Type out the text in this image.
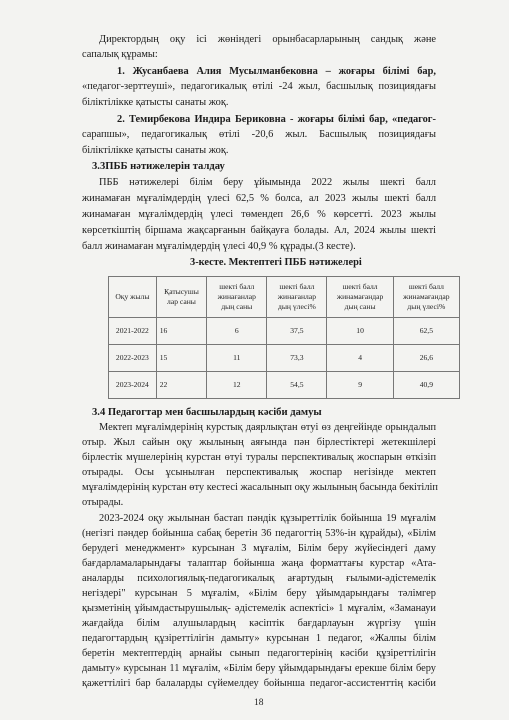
Директордың оқу ісі жөніндегі орынбасарларының сандық және
сапалық құрамы:
1. Жусанбаева Алия Мусылманбековна – жоғары білімі бар,
«педагог-зерттеуші», педагогикалық өтілі -24 жыл, басшылық позициядағы
біліктілікке қатысты санаты жоқ.
2. Темирбекова Индира Бериковна - жоғары білімі бар, «педагог-
сарапшы», педагогикалық өтілі -20,6 жыл. Басшылық позициядағы
біліктілікке қатысты санаты жоқ.
3.3ПББ нәтижелерін талдау
ПББ нәтижелері білім беру ұйымында 2022 жылы шекті балл
жинамаған мұғалімдердің үлесі 62,5 % болса, ал 2023 жылы шекті балл
жинамаған мұғалімдердің үлесі төмендеп 26,6 % көрсетті. 2023 жылы
көрсеткіштің біршама жақсарғанын байқауға болады. Ал, 2024 жылы шекті
балл жинамаған мұғалімдердің үлесі 40,9 % құрады.(3 кесте).
3-кесте. Мектептегі ПББ нәтижелері
Оқу жылы	Қатысушы лар саны	шекті балл жинағанлар дың саны	шекті балл жинағанлар дың үлесі%	шекті балл жинамағандар дың саны	шекті балл жинамағандар дың үлесі%
2021-2022	16	6	37,5	10	62,5
2022-2023	15	11	73,3	4	26,6
2023-2024	22	12	54,5	9	40,9
3.4 Педагогтар мен басшылардың кәсіби дамуы
Мектеп мұғалімдерінің курстық даярлықтан өтуі өз деңгейінде орындалып
отыр. Жыл сайын оқу жылының аяғында пән бірлестіктері жетекшілері
бірлестік мүшелерінің курстан өтуі туралы перспективалық жоспарын өткізіп
отырады. Осы ұсынылған перспективалық жоспар негізінде мектеп
мұғалімдерінің курстан өту кестесі жасалынып оқу жылының басында бекітіліп
отырады.
2023-2024 оқу жылынан бастап пәндік құзыреттілік бойынша 19 мұғалім
(негізгі пәндер бойынша сабақ беретін 36 педагогтің 53%-ін құрайды), «Білім
берудегі менеджмент» курсынан 3 мұғалім, Білім беру жүйесіндегі даму
бағдарламаларындағы талаптар бойынша жаңа форматтағы курстар «Ата-
аналарды психологиялық-педагогикалық ағартудың ғылыми-әдістемелік
негіздері" курсынан 5 мұғалім, «Білім беру ұйымдарындағы тәлімгер
қызметінің ұйымдастырушылық- әдістемелік аспектісі» 1 мұғалім, «Заманауи
жағдайда білім алушылардың кәсіптік бағдарлауын жүргізу үшін
педагогтардың құзіреттілігін дамыту» курсынан 1 педагог, «Жалпы білім
беретін мектептердің арнайы сынып педагогтерінің кәсіби құзіреттілігін
дамыту» курсынан 11 мұғалім, «Білім беру ұйымдарындағы ерекше білім беру
қажеттілігі бар балаларды сүйемелдеу бойынша педагог-ассистенттің кәсіби
18
